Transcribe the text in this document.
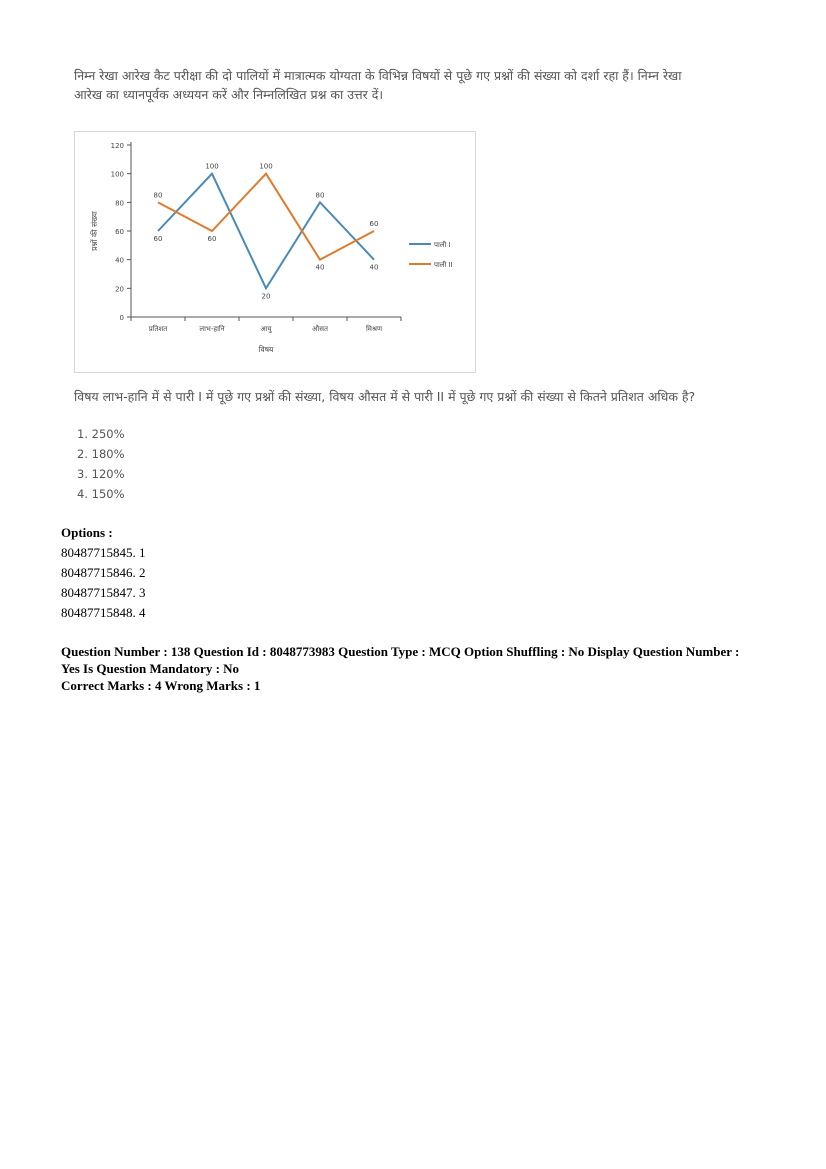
निम्न रेखा आरेख कैट परीक्षा की दो पालियों में मात्रात्मक योग्यता के विभिन्न विषयों से पूछे गए प्रश्नों की संख्या को दर्शा रहा हैं। निम्न रेखा

आरेख का ध्यानपूर्वक अध्ययन करें और निम्नलिखित प्रश्न का उत्तर दें।

0
20
40
60
80
100
120
प्रतिशत	लाभ-हानि	आयु	औसत	मिश्रण
विषय
प्रश्नों की संख्या	60
100
20
80
40
80
60
100
40
60
पाली I
पाली II
विषय लाभ-हानि में से पारी I में पूछे गए प्रश्नों की संख्या, विषय औसत में से पारी II में पूछे गए प्रश्नों की संख्या से कितने प्रतिशत अधिक है?
1. 250%
2. 180%
3. 120%
4. 150%
Options :
80487715845. 1
80487715846. 2
80487715847. 3
80487715848. 4
Question Number : 138 Question Id : 8048773983 Question Type : MCQ Option Shuffling : No Display Question Number :
Yes Is Question Mandatory : No
Correct Marks : 4 Wrong Marks : 1
